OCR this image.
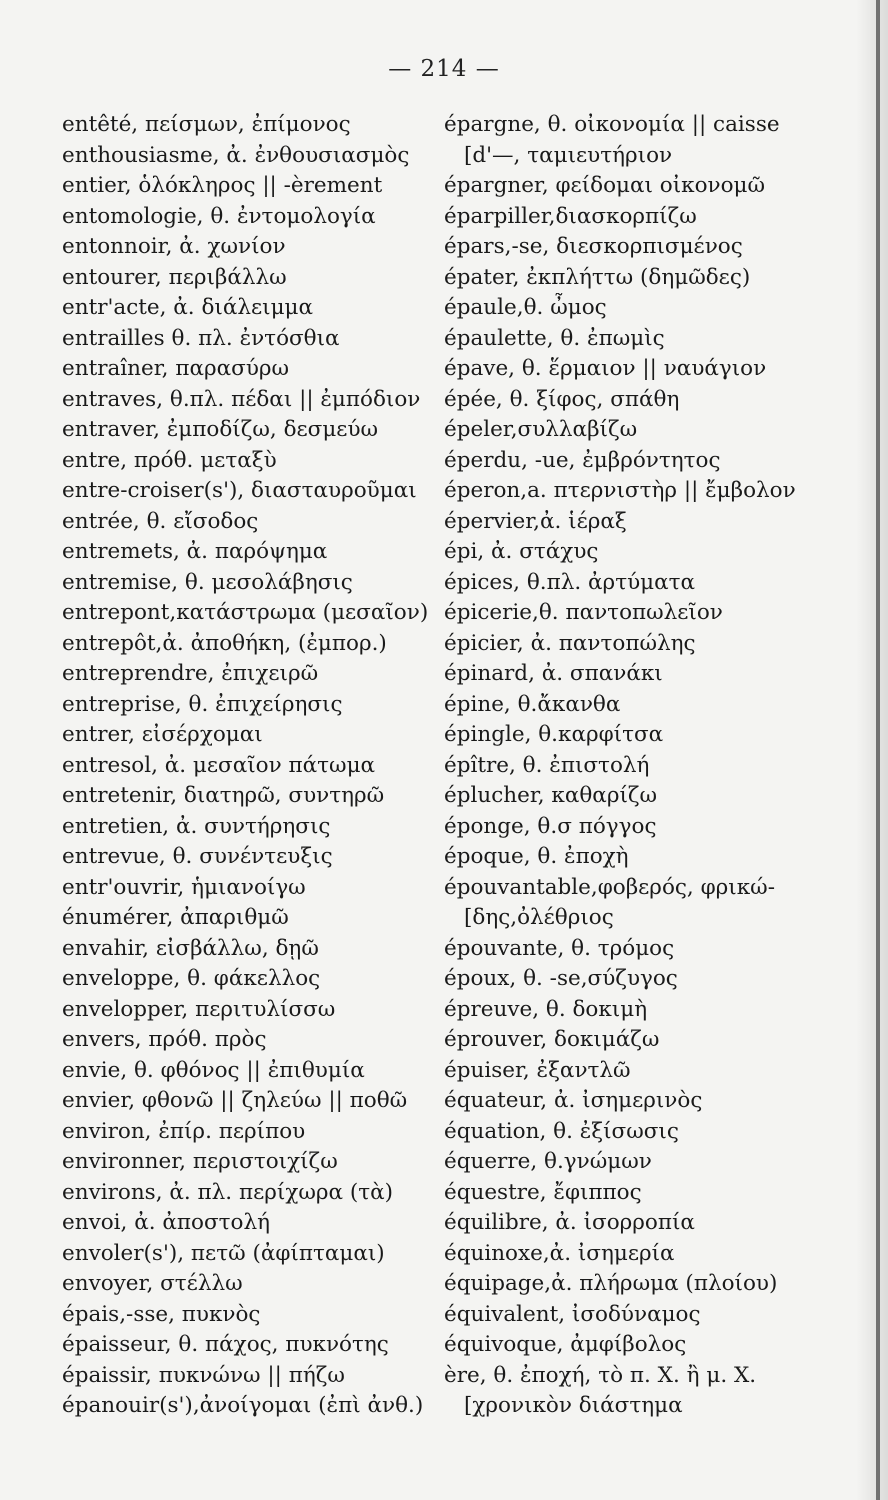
— 214 —
entêté, πείσμων, ἐπίμονος
enthousiasme, ἀ. ἐνθουσιασμὸς
entier, ὁλόκληρος || -èrement
entomologie, θ. ἐντομολογία
entonnoir, ἀ. χωνίον
entourer, περιβάλλω
entr'acte, ἀ. διάλειμμα
entrailles θ. πλ. ἐντόσθια
entraîner, παρασύρω
entraves, θ.πλ. πέδαι || ἐμπόδιον
entraver, ἐμποδίζω, δεσμεύω
entre, πρόθ. μεταξὺ
entre-croiser(s'), διασταυροῦμαι
entrée, θ. εἴσοδος
entremets, ἀ. παρόψημα
entremise, θ. μεσολάβησις
entrepont,κατάστρωμα (μεσαῖον)
entrepôt,ἀ. ἀποθήκη, (ἐμπορ.)
entreprendre, ἐπιχειρῶ
entreprise, θ. ἐπιχείρησις
entrer, εἰσέρχομαι
entresol, ἀ. μεσαῖον πάτωμα
entretenir, διατηρῶ, συντηρῶ
entretien, ἀ. συντήρησις
entrevue, θ. συνέντευξις
entr'ouvrir, ἡμιανοίγω
énumérer, ἀπαριθμῶ
envahir, εἰσβάλλω, δῃῶ
enveloppe, θ. φάκελλος
envelopper, περιτυλίσσω
envers, πρόθ. πρὸς
envie, θ. φθόνος || ἐπιθυμία
envier, φθονῶ || ζηλεύω || ποθῶ
environ, ἐπίρ. περίπου
environner, περιστοιχίζω
environs, ἀ. πλ. περίχωρα (τὰ)
envoi, ἀ. ἀποστολή
envoler(s'), πετῶ (ἀφίπταμαι)
envoyer, στέλλω
épais,-sse, πυκνὸς
épaisseur, θ. πάχος, πυκνότης
épaissir, πυκνώνω || πήζω
épanouir(s'),ἀνοίγομαι (ἐπὶ ἀνθ.)
épargne, θ. οἰκονομία || caisse
[d'—, ταμιευτήριον
épargner, φείδομαι οἰκονομῶ
éparpiller,διασκορπίζω
épars,-se, διεσκορπισμένος
épater, ἐκπλήττω (δημῶδες)
épaule,θ. ὦμος
épaulette, θ. ἐπωμὶς
épave, θ. ἕρμαιον || ναυάγιον
épée, θ. ξίφος, σπάθη
épeler,συλλαβίζω
éperdu, -ue, ἐμβρόντητος
éperon,a. πτερνιστὴρ || ἔμβολον
épervier,ἀ. ἱέραξ
épi, ἀ. στάχυς
épices, θ.πλ. ἀρτύματα
épicerie,θ. παντοπωλεῖον
épicier, ἀ. παντοπώλης
épinard, ἀ. σπανάκι
épine, θ.ἄκανθα
épingle, θ.καρφίτσα
épître, θ. ἐπιστολή
éplucher, καθαρίζω
éponge, θ.σ πόγγος
époque, θ. ἐποχὴ
épouvantable,φοβερός, φρικώ-
[δης,ὀλέθριος
épouvante, θ. τρόμος
époux, θ. -se,σύζυγος
épreuve, θ. δοκιμὴ
éprouver, δοκιμάζω
épuiser, ἐξαντλῶ
équateur, ἀ. ἰσημερινὸς
équation, θ. ἐξίσωσις
équerre, θ.γνώμων
équestre, ἔφιππος
équilibre, ἀ. ἰσορροπία
équinoxe,ἀ. ἰσημερία
équipage,ἀ. πλήρωμα (πλοίου)
équivalent, ἰσοδύναμος
équivoque, ἀμφίβολος
ère, θ. ἐποχή, τὸ π. Χ. ἢ μ. Χ.
[χρονικὸν διάστημα
